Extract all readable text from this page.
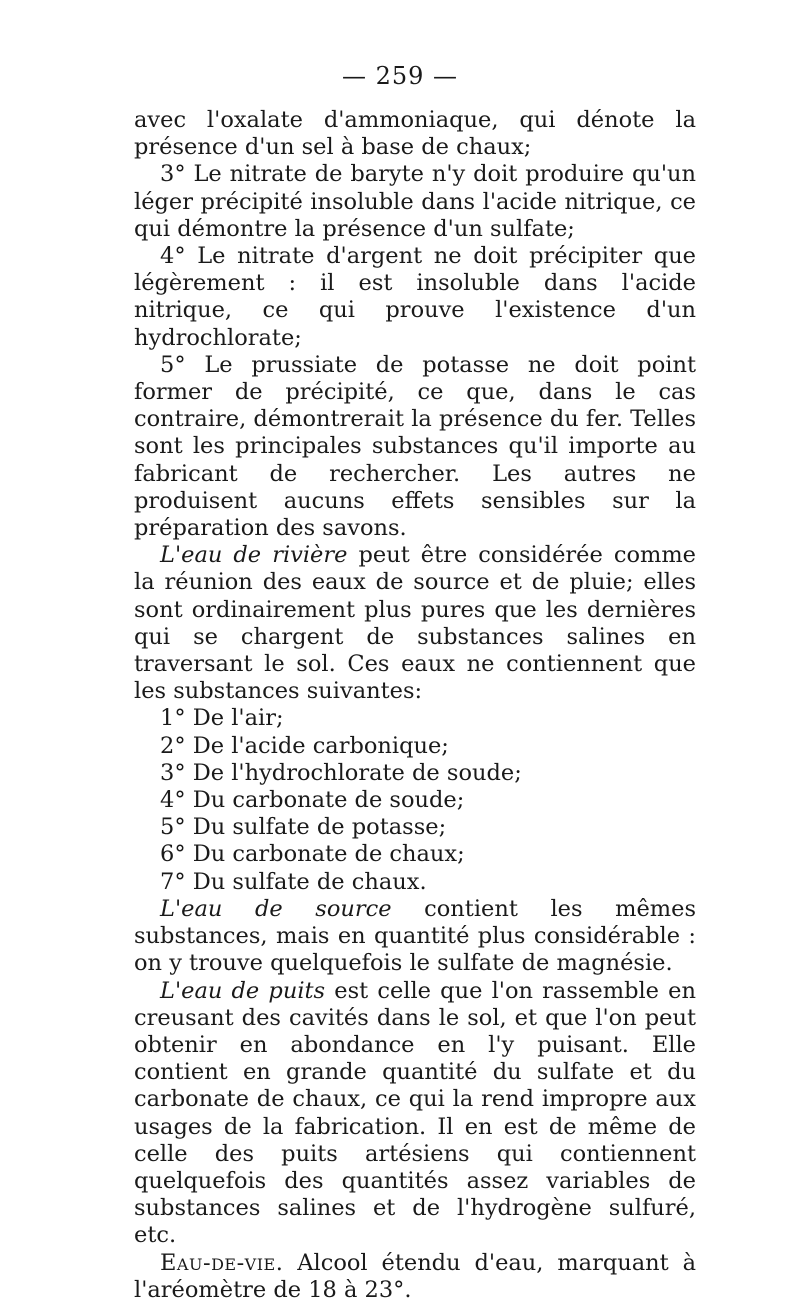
— 259 —

avec l'oxalate d'ammoniaque, qui dénote la présence d'un sel à base de chaux;

3° Le nitrate de baryte n'y doit produire qu'un léger précipité insoluble dans l'acide nitrique, ce qui démontre la présence d'un sulfate;

4° Le nitrate d'argent ne doit précipiter que légèrement : il est insoluble dans l'acide nitrique, ce qui prouve l'existence d'un hydrochlorate;

5° Le prussiate de potasse ne doit point former de précipité, ce que, dans le cas contraire, démontrerait la présence du fer. Telles sont les principales substances qu'il importe au fabricant de rechercher. Les autres ne produisent aucuns effets sensibles sur la préparation des savons.

L'eau de rivière peut être considérée comme la réunion des eaux de source et de pluie; elles sont ordinairement plus pures que les dernières qui se chargent de substances salines en traversant le sol. Ces eaux ne contiennent que les substances suivantes:

1° De l'air;

2° De l'acide carbonique;

3° De l'hydrochlorate de soude;

4° Du carbonate de soude;

5° Du sulfate de potasse;

6° Du carbonate de chaux;

7° Du sulfate de chaux.

L'eau de source contient les mêmes substances, mais en quantité plus considérable : on y trouve quelquefois le sulfate de magnésie.

L'eau de puits est celle que l'on rassemble en creusant des cavités dans le sol, et que l'on peut obtenir en abondance en l'y puisant. Elle contient en grande quantité du sulfate et du carbonate de chaux, ce qui la rend impropre aux usages de la fabrication. Il en est de même de celle des puits artésiens qui contiennent quelquefois des quantités assez variables de substances salines et de l'hydrogène sulfuré, etc.

Eau-de-vie. Alcool étendu d'eau, marquant à l'aréomètre de 18 à 23°.
